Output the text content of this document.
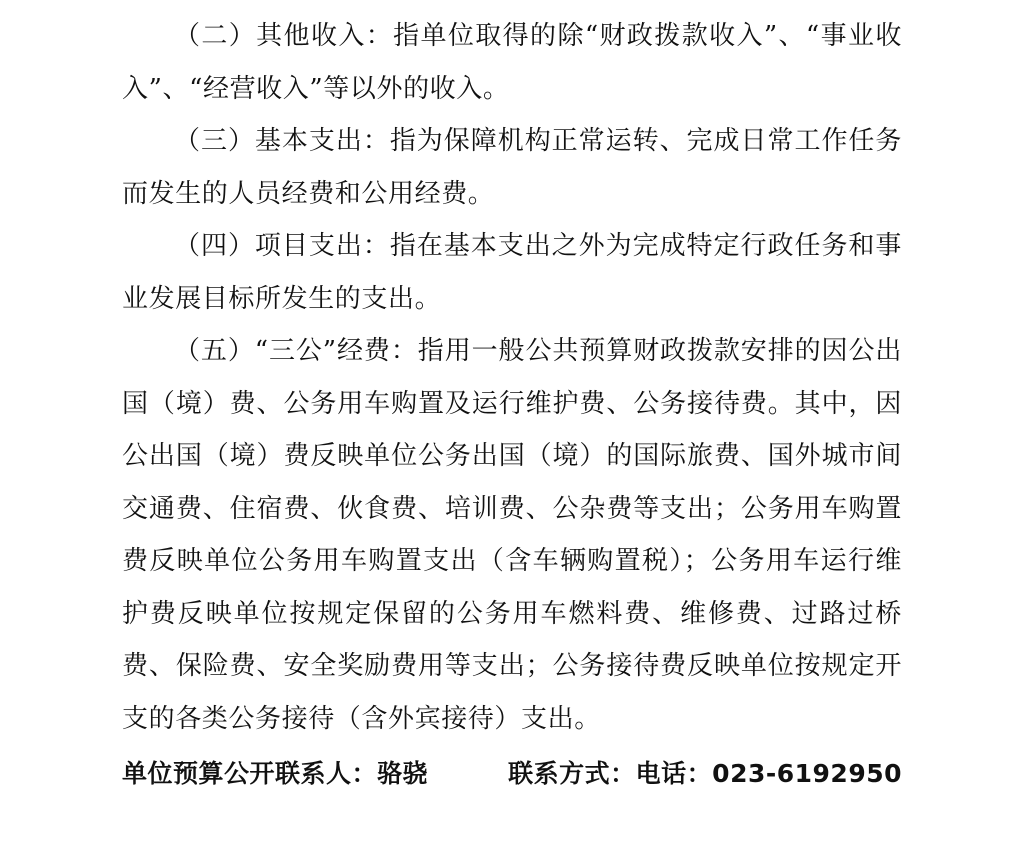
（二）其他收入：指单位取得的除“财政拨款收入”、“事业收入”、“经营收入”等以外的收入。

（三）基本支出：指为保障机构正常运转、完成日常工作任务而发生的人员经费和公用经费。

（四）项目支出：指在基本支出之外为完成特定行政任务和事业发展目标所发生的支出。

（五）“三公”经费：指用一般公共预算财政拨款安排的因公出国（境）费、公务用车购置及运行维护费、公务接待费。其中，因公出国（境）费反映单位公务出国（境）的国际旅费、国外城市间交通费、住宿费、伙食费、培训费、公杂费等支出；公务用车购置费反映单位公务用车购置支出（含车辆购置税）；公务用车运行维护费反映单位按规定保留的公务用车燃料费、维修费、过路过桥费、保险费、安全奖励费用等支出；公务接待费反映单位按规定开支的各类公务接待（含外宾接待）支出。

单位预算公开联系人：骆骁	联系方式：电话：023-6192950
